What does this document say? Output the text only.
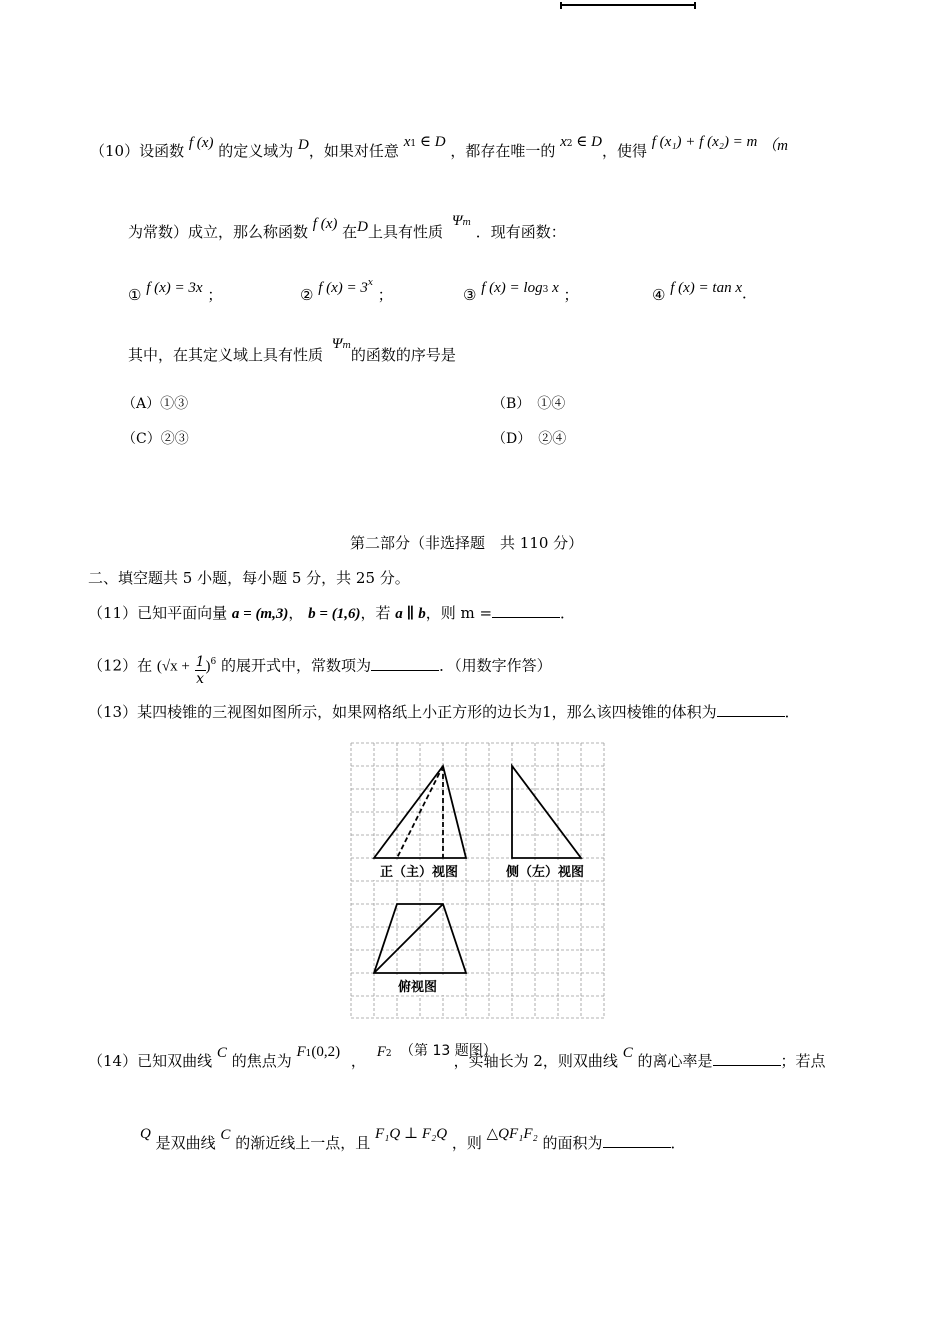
（10）设函数 f (x) 的定义域为 D，如果对任意 x1 ∈ D ，都存在唯一的 x2 ∈ D，使得 f (x₁) + f (x₂) = m （m
为常数）成立，那么称函数 f (x) 在D上具有性质 Ψm ．现有函数：
① f (x) = 3x ；	② f $(x) = 3^x$ ；	③ f (x) = log3 x ；	④ f (x) = tan x．
其中，在其定义域上具有性质 Ψm的函数的序号是
（A）①③	（B）　①④
（C）②③	（D）　②④
第二部分（非选择题　共 110 分）
二、填空题共 5 小题，每小题 5 分，共 25 分。
（11）已知平面向量 a = (m,3)， b = (1,6)，若 a ∥ b，则 m =	．
（12）在 $(√x + \frac{1}{x} )^6$ 的展开式中，常数项为	．（用数字作答）
（13）某四棱锥的三视图如图所示，如果网格纸上小正方形的边长为1，那么该四棱锥的体积为	．
正（主）视图	侧（左）视图
俯视图
（14）已知双曲线 C 的焦点为 F1(0,2) ， F2	，实轴长为 2，则双曲线 C 的离心率是	；若点
（第 13 题图）
Q 是双曲线 C 的渐近线上一点，且 F₁Q ⊥ F₂Q ，则 △QF₁F₂ 的面积为	．
